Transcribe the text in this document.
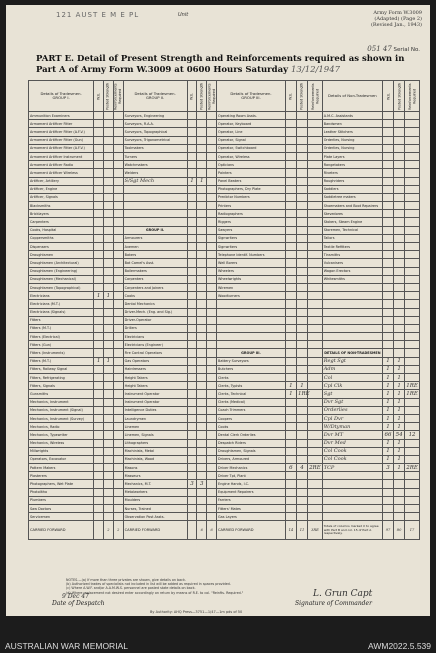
121 AUST E M E PL	Unit	Army Form W.3009
(Adapted) (Page 2)
(Revised Jan., 1943)
051 47 Serial No.
PART E. Detail of Present Strength and Reinforcements required as shown in
Part A of Army Form W.3009 at 0600 Hours Saturday 13/12/1947
Details of Tradesmen.
GROUP I.	W.E.	Posted Strength	Reinforcements Required	Details of Tradesmen.
GROUP II.	W.E.	Posted Strength	Reinforcements Required	Details of Tradesmen.
GROUP III.	W.E.	Posted Strength	Reinforcements Required	Details of Non-Tradesmen	W.E.	Posted Strength	Reinforcements Required
Ammunition Examiners				Surveyors, Engineering				Operating Room Assts.				A.M.C. Assistants			
Armament Artificer Fitter				Surveyors, R.A.A.				Operator, Keyboard				Bandsmen			
Armament Artificer Fitter (A.F.V.)				Surveyors, Topographical				Operator, Line				Leather Stitchers			
Armament Artificer Fitter (Gun)				Surveyors, Trigonometrical				Operator, Signal				Orderlies, Nursing			
Armament Artificer Fitter (A.F.V.)				Toolmakers				Operator, Switchboard				Orderlies, Nursing			
Armament Artificer Instrument				Turners				Operator, Wireless				Plate Layers			
Armament Artificer Radio				Watchmakers				Opticians				Rangetakers			
Armament Artificer Wireless				Welders				Painters				Riveters			
Artificer, Artillery				S/Sgt Mech	1	1		Panel Beaters				Roughriders			
Artificer, Engine								Photographers, Dry Plate				Saddlers			
Artificer, Signals								Predictor Numbers				Saddletree makers			
Blacksmiths								Printers				Shoemakers and Boot Repairers			
Bricklayers								Radiographers				Stevedores			
Carpenters								Riggers				Stokers, Steam Engine			
Cooks, Hospital				GROUP II.				Sawyers				Storemen, Technical			
Coppersmiths				Armourers				Signwriters				Tailors			
Dispensers				Axemen				Signwriters				Textile Refitters			
Draughtsmen				Bakers				Telephone Identif. Numbers				Tinsmiths			
Draughtsmen (Architectural)				Bot Camel's Asst.				Well Borers				Vulcanisers			
Draughtsmen (Engineering)				Boilermakers				Wheelers				Wagon Erectors			
Draughtsmen (Mechanical)				Carpenters				Wheelwrights				Whitesmiths			
Draughtsmen (Topographical)				Carpenters and Joiners				Wiremen							
Electricians	1	1		Cooks				Woodturners							
Electricians (M.T.)				Dental Mechanics											
Electricians (Signals)				Driver-Mech. (Eng. and Sig.)											
Fitters				Driver-Operator											
Fitters (M.T.)				Drillers											
Fitters (Electrical)				Electricians											
Fitters (Gun)				Electricians (Engineer)											
Fitters (Instruments)				Fire Control Operators				GROUP III.				DETAILS OF NON-TRADESMEN			
Fitters (M.T.)	1	1		Gas Operators				Battery Surveyors				Regt Sgt	1	1	
Fitters, Railway Signal				Hairdressers				Butchers				Adm	1	1	
Fitters, Refrigerating				Height Takers				Clerks				Col	1	1	
Fitters, Signals				Height Takers				Clerks, Typists	1	1		Cpl Clk	1	1	1RE
Gunsmiths				Instrument Operator				Clerks, Technical	1	1RE		Sgt	1	1	1RE
Mechanics, Instrument				Instrument Operator				Clerks (Medical)				Dvr Sgt	1	1	
Mechanics, Instrument (Signal)				Intelligence Duties				Coach Trimmers				Orderlies	1	1	
Mechanics, Instrument (Survey)				Laundrymen				Coopers				Cpl Dvr	1	1	
Mechanics, Radio				Linemen				Cooks				W/Dtyman	1	1	
Mechanics, Typewriter				Linemen, Signals				Dental Clerk Orderlies				Dvr MT	66	54	12
Mechanics, Wireless				Lithographers				Despatch Riders				Dvr Med	1	1	
Millwrights				Machinists, Metal				Draughtsmen, Signals				Col Cook	1	1	
Operators, Excavator				Machinists, Wood				Drivers, Armoured				Col Cook	1	1	
Pattern Makers				Masons				Driver Mechanics	6	4	2RE	TCP	3	1	2RE
Plasterers				Masseurs				Driver Tpt, Plant							
Photographers, Wet Plate				Mechanics, M.T.	3	3		Engine Hands, I.C.							
Photolitho				Metalworkers				Equipment Repairers							
Plumbers				Moulders				Farriers							
Saw Doctors				Nurses, Trained				Fitters' Mates							
Servicemen				Observation Post Assts.				Gas Layers							
CARRIED FORWARD		2	2	CARRIED FORWARD		6	6	CARRIED FORWARD	14	11	3RE	Totals of columns marked X to agree with Part B and col. 15 of Part A respectively.	97	80	17
NOTES.—(a) If more than three privates are shown, give details on back.
(b) Authorized trades of specialists not included in list will be added as required in spaces provided.
(c) Where A.W.F. and/or A.A.M.W.S. personnel are posted state details on back.
(d) Where replacement not desired enter accordingly on return by means of R.E. to col. "Reinfts. Required."
9 Dec 47
Date of Despatch
L. Grun Capt
Signature of Commander
By Authority: AHQ Press—3751—1/47—1m pds of 50
AUSTRALIAN WAR MEMORIAL	AWM2022.5.539
